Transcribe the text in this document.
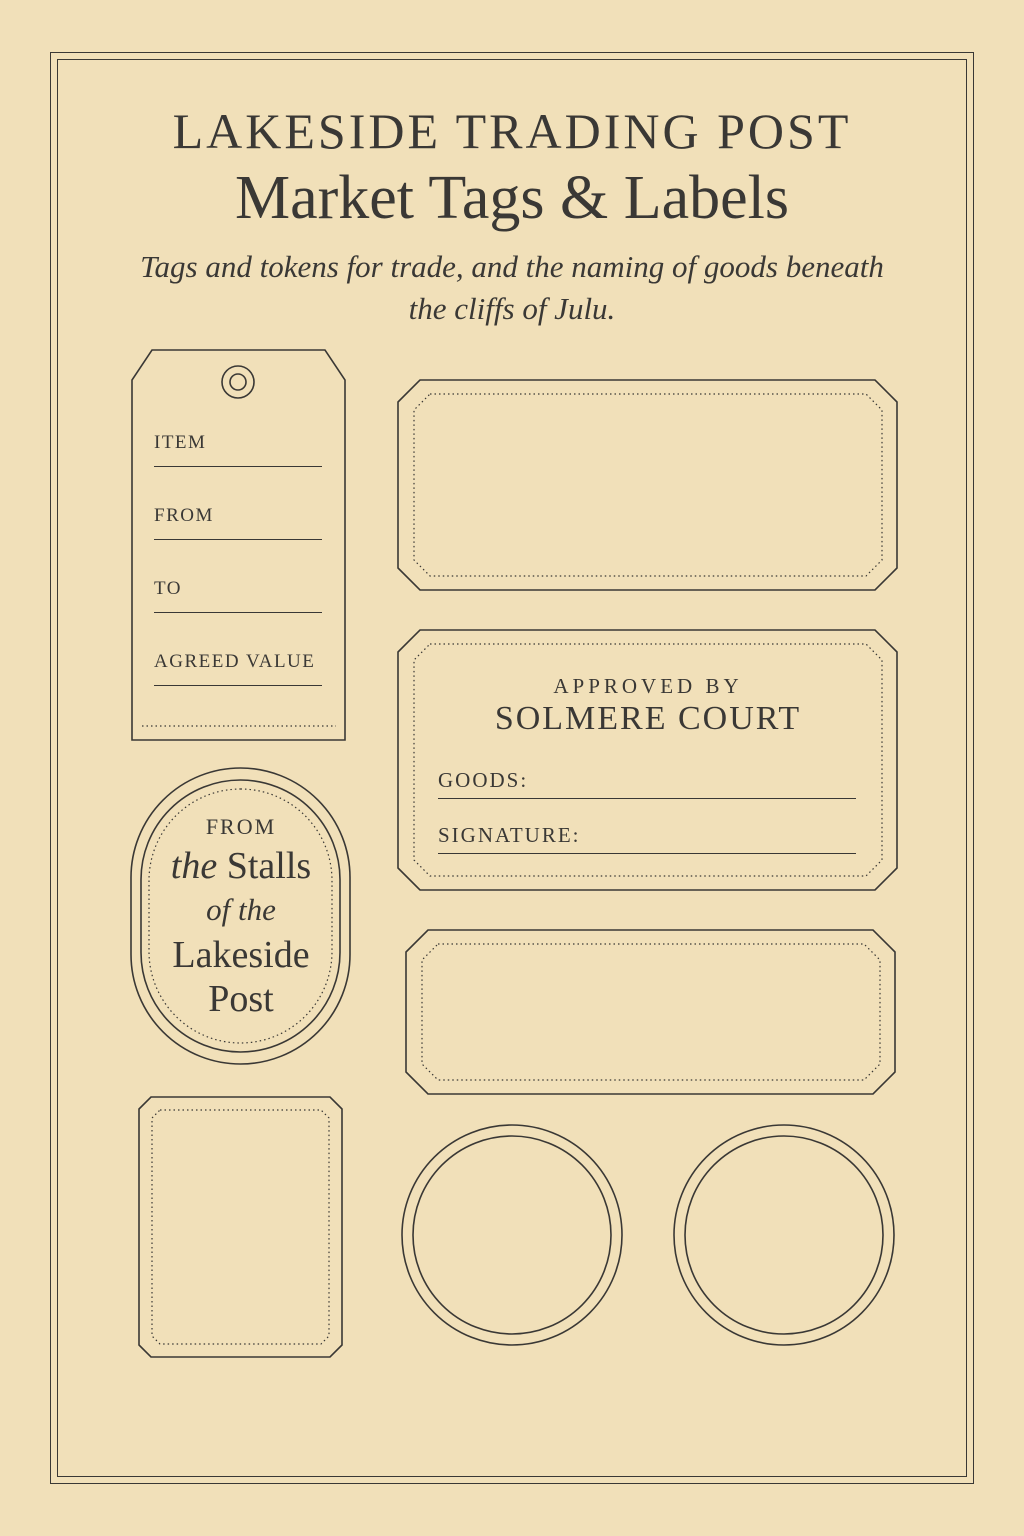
LAKESIDE TRADING POST

Market Tags & Labels

Tags and tokens for trade, and the naming of goods beneath the cliffs of Julu.
ITEM
FROM
TO
AGREED VALUE
APPROVED BY
SOLMERE COURT
GOODS:
SIGNATURE:
FROM
the Stalls
of the
Lakeside
Post
